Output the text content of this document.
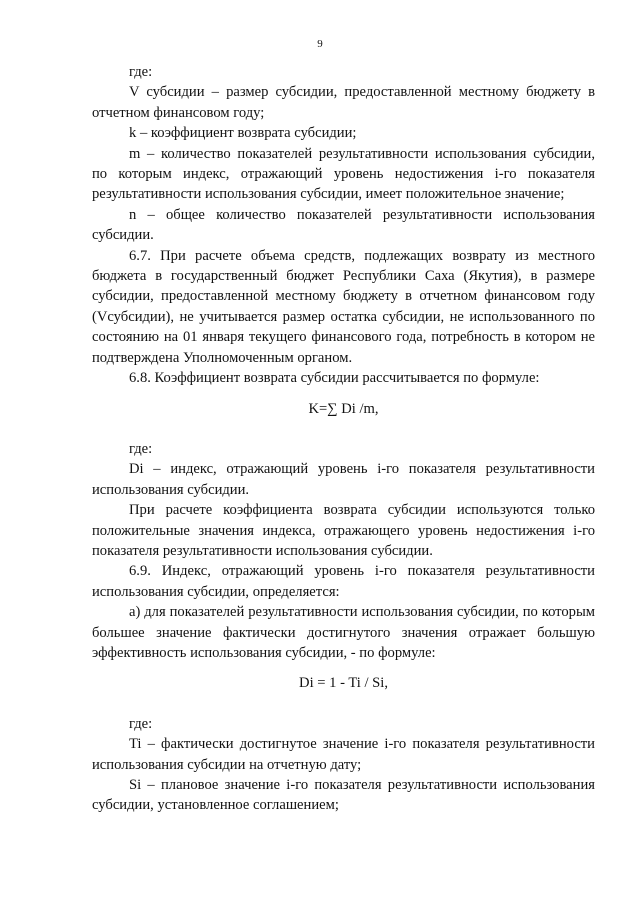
9

где:

V субсидии – размер субсидии, предоставленной местному бюджету в отчетном финансовом году;

k – коэффициент возврата субсидии;

m – количество показателей результативности использования субсидии, по которым индекс, отражающий уровень недостижения i-го показателя результативности использования субсидии, имеет положительное значение;

n – общее количество показателей результативности использования субсидии.

6.7. При расчете объема средств, подлежащих возврату из местного бюджета в государственный бюджет Республики Саха (Якутия), в размере субсидии, предоставленной местному бюджету в отчетном финансовом году (Vсубсидии), не учитывается размер остатка субсидии, не использованного по состоянию на 01 января текущего финансового года, потребность в котором не подтверждена Уполномоченным органом.

6.8. Коэффициент возврата субсидии рассчитывается по формуле:

K=∑ Di /m,

где:

Di – индекс, отражающий уровень i-го показателя результативности использования субсидии.

При расчете коэффициента возврата субсидии используются только положительные значения индекса, отражающего уровень недостижения i-го показателя результативности использования субсидии.

6.9. Индекс, отражающий уровень i-го показателя результативности использования субсидии, определяется:

а) для показателей результативности использования субсидии, по которым большее значение фактически достигнутого значения отражает большую эффективность использования субсидии, - по формуле:

Di = 1 - Ti / Si,

где:

Ti – фактически достигнутое значение i-го показателя результативности использования субсидии на отчетную дату;

Si – плановое значение i-го показателя результативности использования субсидии, установленное соглашением;
